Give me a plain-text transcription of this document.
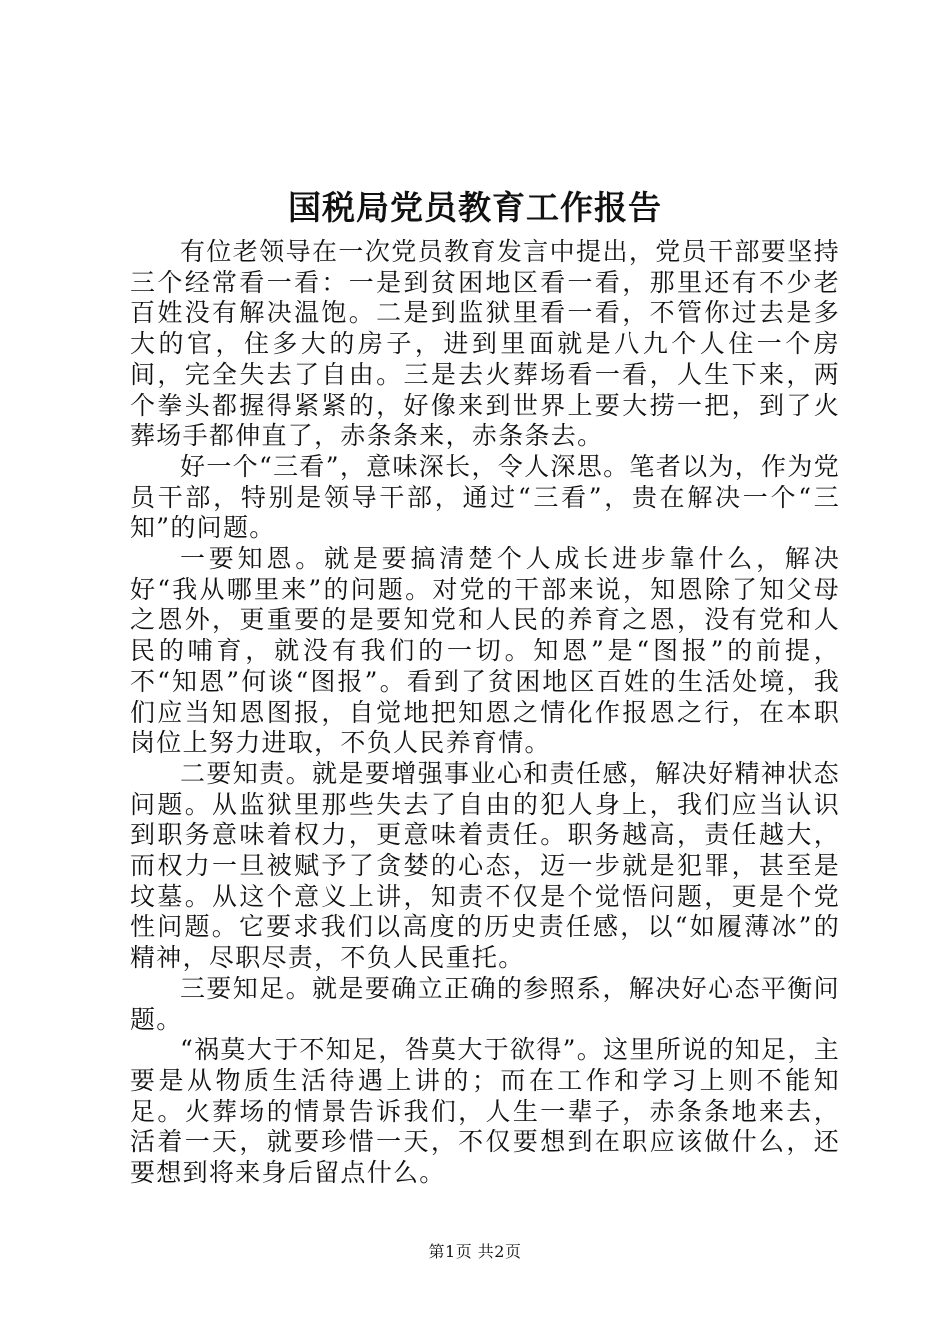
国税局党员教育工作报告

有位老领导在一次党员教育发言中提出，党员干部要坚持三个经常看一看：一是到贫困地区看一看，那里还有不少老百姓没有解决温饱。二是到监狱里看一看，不管你过去是多大的官，住多大的房子，进到里面就是八九个人住一个房间，完全失去了自由。三是去火葬场看一看，人生下来，两个拳头都握得紧紧的，好像来到世界上要大捞一把，到了火葬场手都伸直了，赤条条来，赤条条去。

好一个“三看”，意味深长，令人深思。笔者以为，作为党员干部，特别是领导干部，通过“三看”，贵在解决一个“三知”的问题。

一要知恩。就是要搞清楚个人成长进步靠什么，解决好“我从哪里来”的问题。对党的干部来说，知恩除了知父母之恩外，更重要的是要知党和人民的养育之恩，没有党和人民的哺育，就没有我们的一切。知恩”是“图报”的前提，不“知恩”何谈“图报”。看到了贫困地区百姓的生活处境，我们应当知恩图报，自觉地把知恩之情化作报恩之行，在本职岗位上努力进取，不负人民养育情。

二要知责。就是要增强事业心和责任感，解决好精神状态问题。从监狱里那些失去了自由的犯人身上，我们应当认识到职务意味着权力，更意味着责任。职务越高，责任越大，而权力一旦被赋予了贪婪的心态，迈一步就是犯罪，甚至是坟墓。从这个意义上讲，知责不仅是个觉悟问题，更是个党性问题。它要求我们以高度的历史责任感，以“如履薄冰”的精神，尽职尽责，不负人民重托。

三要知足。就是要确立正确的参照系，解决好心态平衡问题。

“祸莫大于不知足，咎莫大于欲得”。这里所说的知足，主要是从物质生活待遇上讲的；而在工作和学习上则不能知足。火葬场的情景告诉我们，人生一辈子，赤条条地来去，活着一天，就要珍惜一天，不仅要想到在职应该做什么，还要想到将来身后留点什么。

第1页 共2页
